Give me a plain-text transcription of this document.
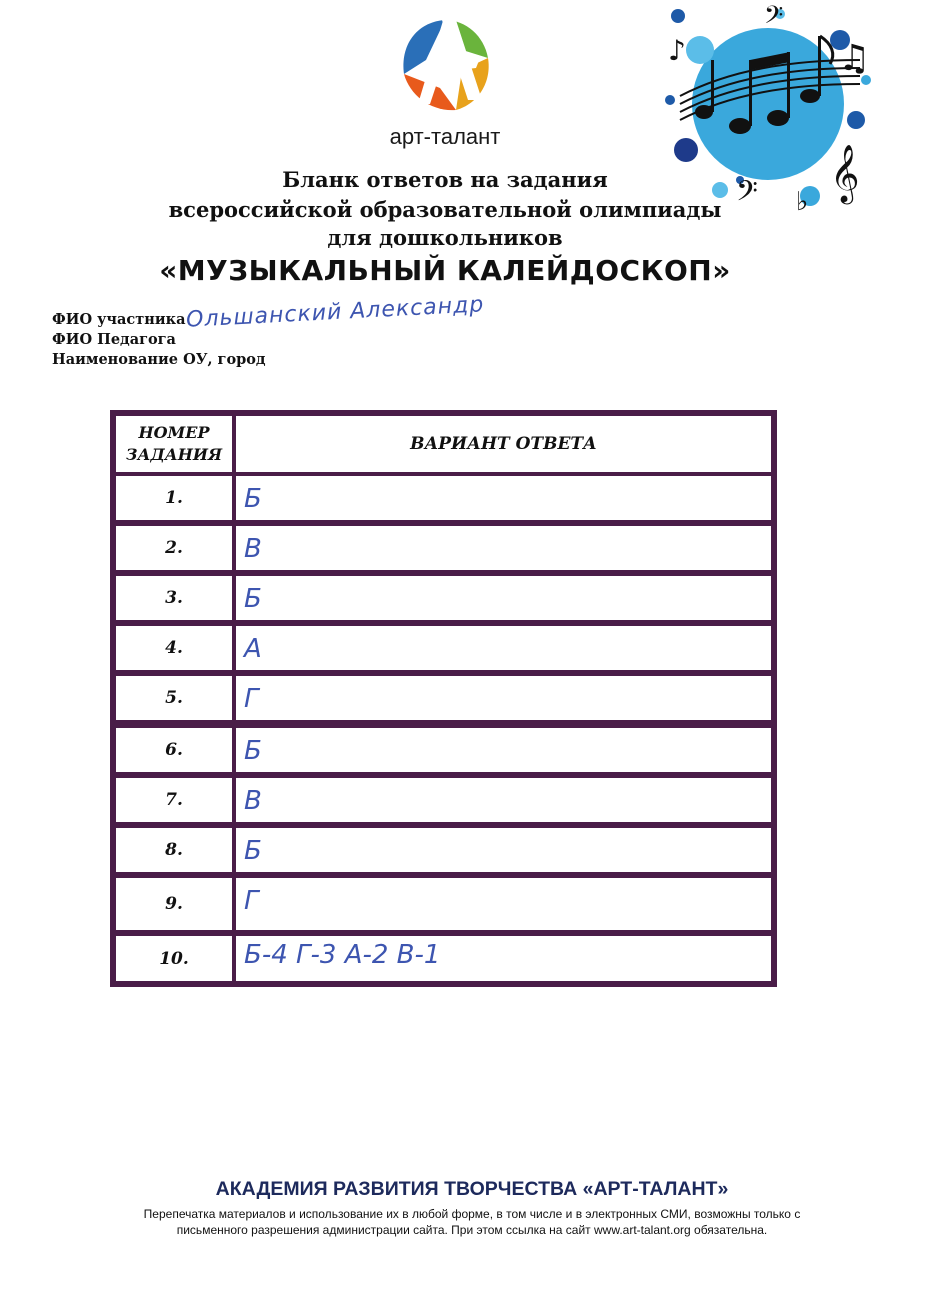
арт-талант
𝄢
𝄞
𝄢 ♭
♪	♫
Бланк ответов на задания
всероссийской образовательной олимпиады
для дошкольников
«МУЗЫКАЛЬНЫЙ КАЛЕЙДОСКОП»
ФИО участника Ольшанский Александр
ФИО Педагога
Наименование ОУ, город
НОМЕР
ЗАДАНИЯ
ВАРИАНТ ОТВЕТА
1.	Б
2.	В
3.	Б
4.	А
5.	Г
6.	Б
7.	В
8.	Б
9.	Г
10.	Б-4 Г-3 А-2 В-1
АКАДЕМИЯ РАЗВИТИЯ ТВОРЧЕСТВА «АРТ-ТАЛАНТ»
Перепечатка материалов и использование их в любой форме, в том числе и в электронных СМИ, возможны только с
письменного разрешения администрации сайта. При этом ссылка на сайт www.art-talant.org обязательна.
